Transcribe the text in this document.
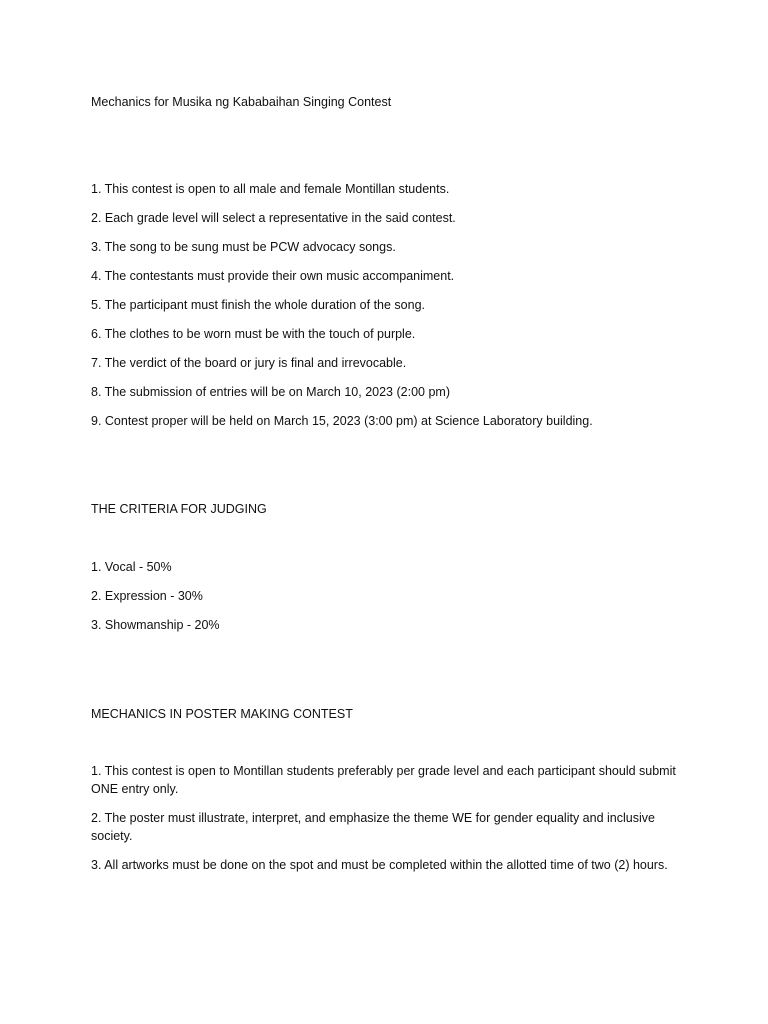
Mechanics for Musika ng Kababaihan Singing Contest

1. This contest is open to all male and female Montillan students.

2. Each grade level will select a representative in the said contest.

3. The song to be sung must be PCW advocacy songs.

4. The contestants must provide their own music accompaniment.

5. The participant must finish the whole duration of the song.

6. The clothes to be worn must be with the touch of purple.

7. The verdict of the board or jury is final and irrevocable.

8. The submission of entries will be on March 10, 2023 (2:00 pm)

9. Contest proper will be held on March 15, 2023 (3:00 pm) at Science Laboratory building.

THE CRITERIA FOR JUDGING

1. Vocal - 50%

2. Expression - 30%

3. Showmanship - 20%

MECHANICS IN POSTER MAKING CONTEST

1. This contest is open to Montillan students preferably per grade level and each participant should submit ONE entry only.

2. The poster must illustrate, interpret, and emphasize the theme WE for gender equality and inclusive society.

3. All artworks must be done on the spot and must be completed within the allotted time of two (2) hours.
